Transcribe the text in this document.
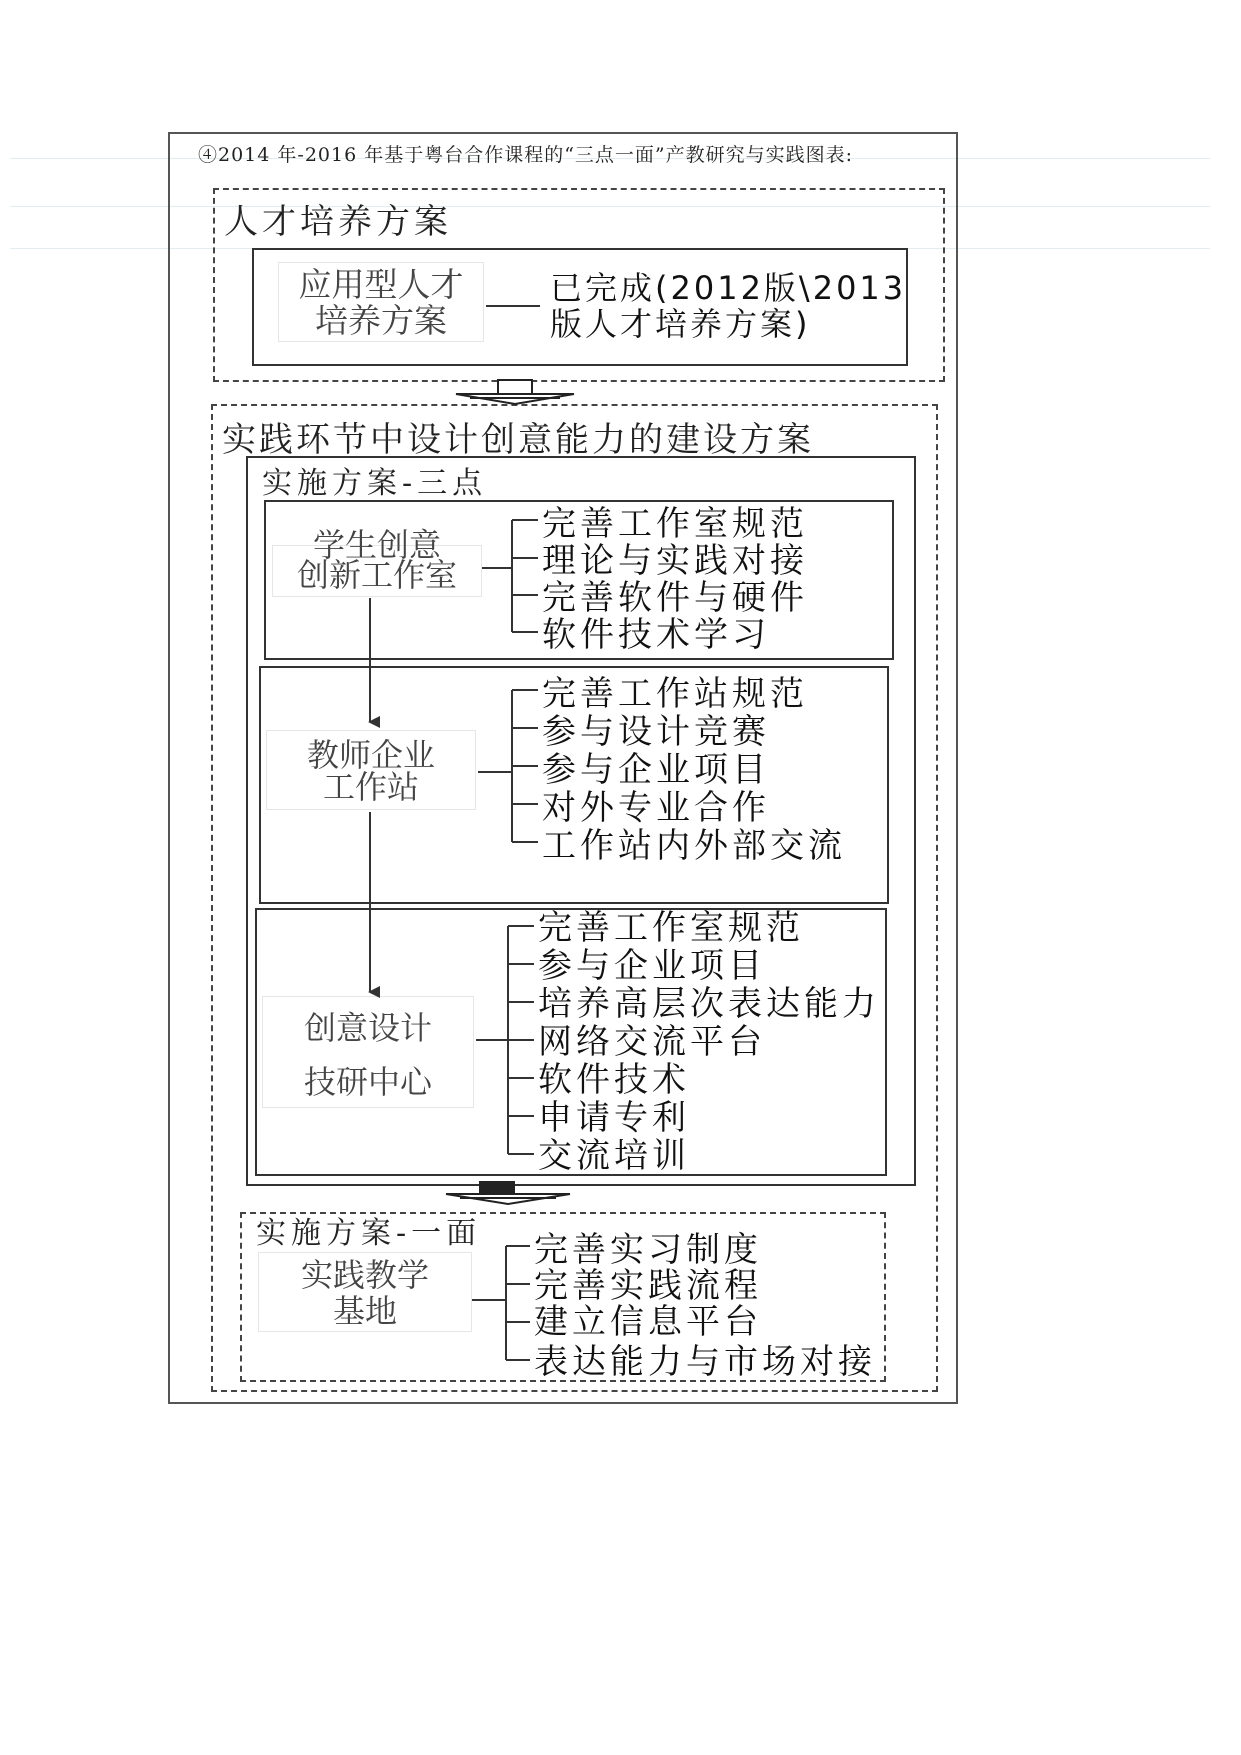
④2014 年-2016 年基于粤台合作课程的“三点一面”产教研究与实践图表:
人才培养方案
应用型人才
培养方案
已完成(2012版\2013
版人才培养方案)
实践环节中设计创意能力的建设方案
实施方案-三点
学生创意
创新工作室
完善工作室规范
理论与实践对接
完善软件与硬件
软件技术学习
教师企业
工作站
完善工作站规范
参与设计竞赛
参与企业项目
对外专业合作
工作站内外部交流
创意设计
技研中心
完善工作室规范
参与企业项目
培养高层次表达能力
网络交流平台
软件技术
申请专利
交流培训
实施方案-一面
实践教学
基地
完善实习制度
完善实践流程
建立信息平台
表达能力与市场对接
